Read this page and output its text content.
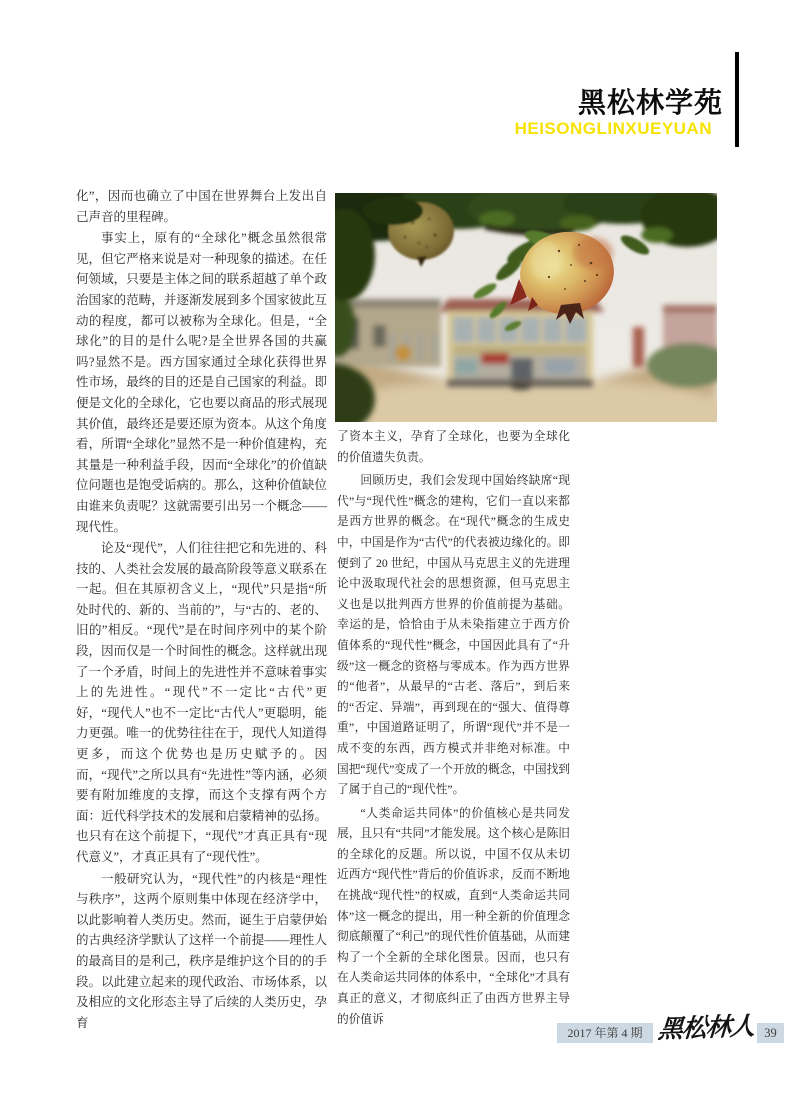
黑松林学苑
HEISONGLINXUEYUAN

化”，因而也确立了中国在世界舞台上发出自己声音的里程碑。

事实上，原有的“全球化”概念虽然很常见，但它严格来说是对一种现象的描述。在任何领域，只要是主体之间的联系超越了单个政治国家的范畴，并逐渐发展到多个国家彼此互动的程度，都可以被称为全球化。但是，“全球化”的目的是什么呢?是全世界各国的共赢吗?显然不是。西方国家通过全球化获得世界性市场，最终的目的还是自己国家的利益。即便是文化的全球化，它也要以商品的形式展现其价值，最终还是要还原为资本。从这个角度看，所谓“全球化”显然不是一种价值建构，充其量是一种利益手段，因而“全球化”的价值缺位问题也是饱受诟病的。那么，这种价值缺位由谁来负责呢？这就需要引出另一个概念——现代性。

论及“现代”，人们往往把它和先进的、科技的、人类社会发展的最高阶段等意义联系在一起。但在其原初含义上，“现代”只是指“所处时代的、新的、当前的”，与“古的、老的、旧的”相反。“现代”是在时间序列中的某个阶段，因而仅是一个时间性的概念。这样就出现了一个矛盾，时间上的先进性并不意味着事实上的先进性。“现代”不一定比“古代”更好，“现代人”也不一定比“古代人”更聪明，能力更强。唯一的优势往往在于，现代人知道得更多，而这个优势也是历史赋予的。因而，“现代”之所以具有“先进性”等内涵，必须要有附加维度的支撑，而这个支撑有两个方面：近代科学技术的发展和启蒙精神的弘扬。也只有在这个前提下，“现代”才真正具有“现代意义”，才真正具有了“现代性”。

一般研究认为，“现代性”的内核是“理性与秩序”，这两个原则集中体现在经济学中，以此影响着人类历史。然而，诞生于启蒙伊始的古典经济学默认了这样一个前提——理性人的最高目的是利己，秩序是维护这个目的的手段。以此建立起来的现代政治、市场体系，以及相应的文化形态主导了后续的人类历史，孕育

了资本主义，孕育了全球化，也要为全球化的价值遗失负责。

回顾历史，我们会发现中国始终缺席“现代”与“现代性”概念的建构，它们一直以来都是西方世界的概念。在“现代”概念的生成史中，中国是作为“古代”的代表被边缘化的。即便到了 20 世纪，中国从马克思主义的先进理论中汲取现代社会的思想资源，但马克思主义也是以批判西方世界的价值前提为基础。幸运的是，恰恰由于从未染指建立于西方价值体系的“现代性”概念，中国因此具有了“升级”这一概念的资格与零成本。作为西方世界的“他者”，从最早的“古老、落后”，到后来的“否定、异端”，再到现在的“强大、值得尊重”，中国道路证明了，所谓“现代”并不是一成不变的东西，西方模式并非绝对标准。中国把“现代”变成了一个开放的概念，中国找到了属于自己的“现代性”。

“人类命运共同体”的价值核心是共同发展，且只有“共同”才能发展。这个核心是陈旧的全球化的反题。所以说，中国不仅从未切近西方“现代性”背后的价值诉求，反而不断地在挑战“现代性”的权威，直到“人类命运共同体”这一概念的提出，用一种全新的价值理念彻底颠覆了“利己”的现代性价值基础，从而建构了一个全新的全球化图景。因而，也只有在人类命运共同体的体系中，“全球化”才具有真正的意义，才彻底纠正了由西方世界主导的价值诉

2017 年第 4 期 黑松林人 39
